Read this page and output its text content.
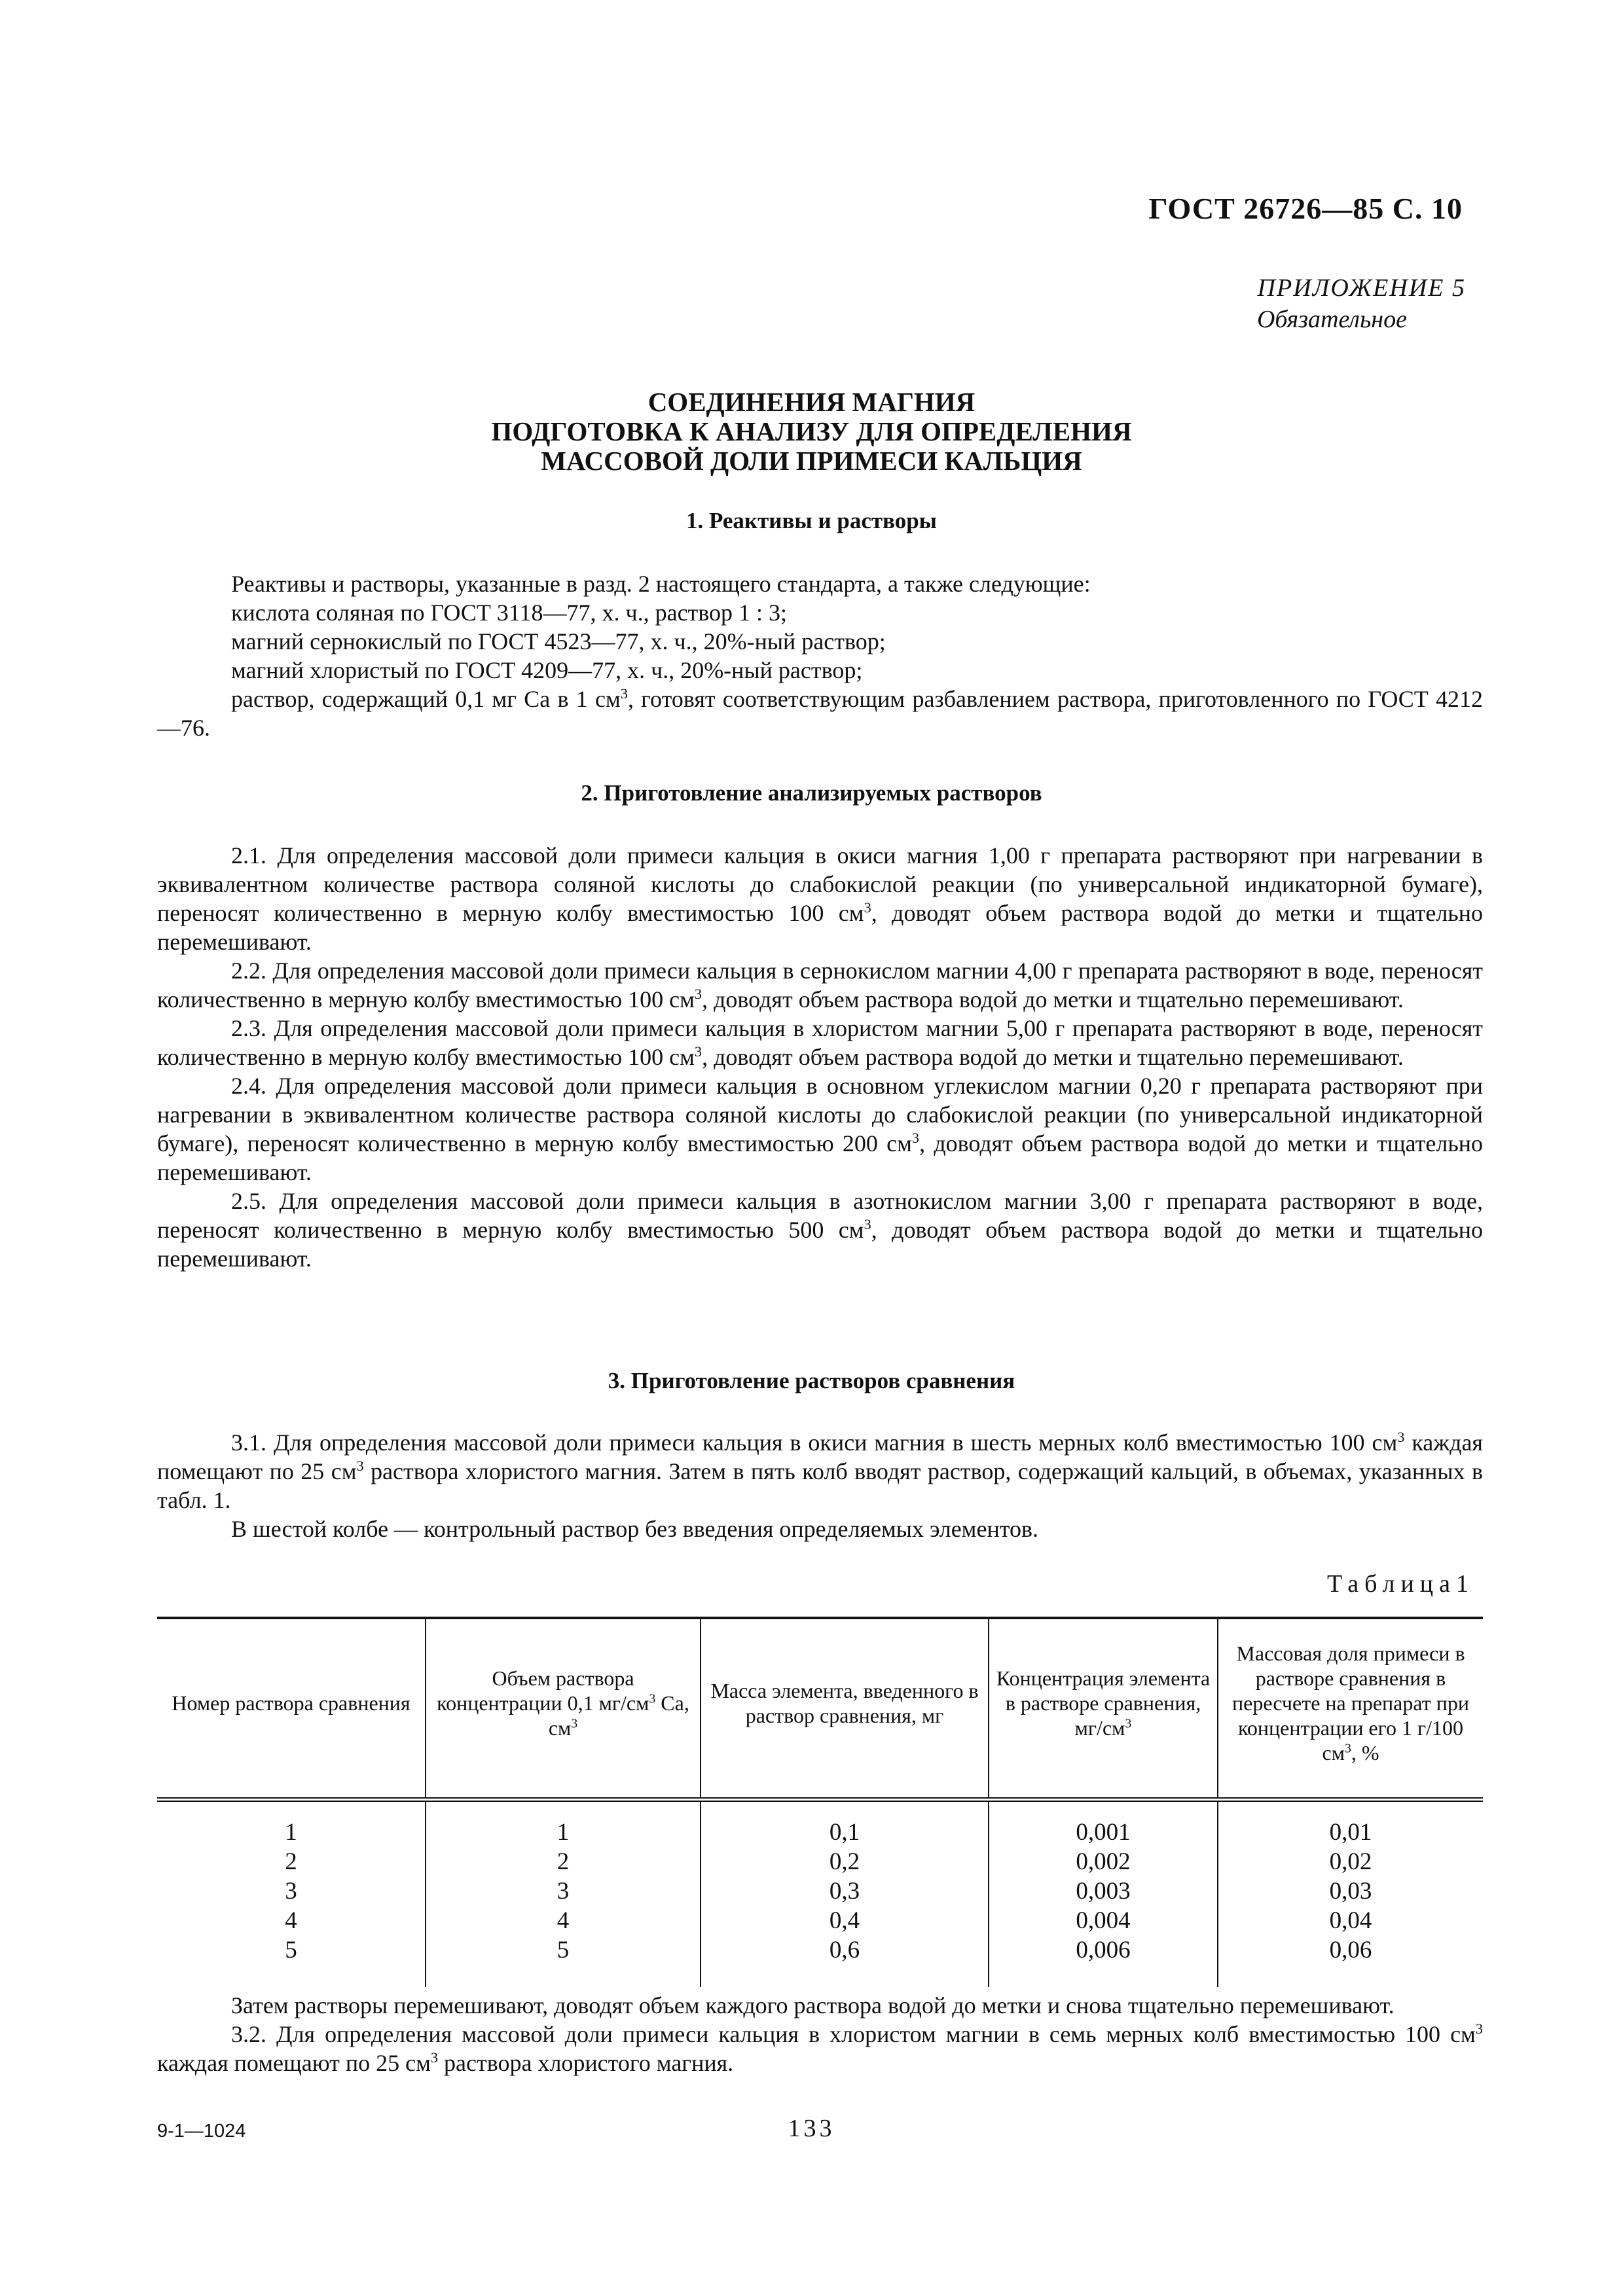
ГОСТ 26726—85 С. 10
ПРИЛОЖЕНИЕ 5
Обязательное
СОЕДИНЕНИЯ МАГНИЯ
ПОДГОТОВКА К АНАЛИЗУ ДЛЯ ОПРЕДЕЛЕНИЯ
МАССОВОЙ ДОЛИ ПРИМЕСИ КАЛЬЦИЯ
1. Реактивы и растворы

Реактивы и растворы, указанные в разд. 2 настоящего стандарта, а также следующие:

кислота соляная по ГОСТ 3118—77, х. ч., раствор 1 : 3;

магний сернокислый по ГОСТ 4523—77, х. ч., 20%-ный раствор;

магний хлористый по ГОСТ 4209—77, х. ч., 20%-ный раствор;

раствор, содержащий 0,1 мг Са в 1 $см^3$, готовят соответствующим разбавлением раствора, приготовленного по ГОСТ 4212—76.

2. Приготовление анализируемых растворов

2.1. Для определения массовой доли примеси кальция в окиси магния 1,00 г препарата растворяют при нагревании в эквивалентном количестве раствора соляной кислоты до слабокислой реакции (по универсальной индикаторной бумаге), переносят количественно в мерную колбу вместимостью 100 $см^3$, доводят объем раствора водой до метки и тщательно перемешивают.

2.2. Для определения массовой доли примеси кальция в сернокислом магнии 4,00 г препарата растворяют в воде, переносят количественно в мерную колбу вместимостью 100 $см^3$, доводят объем раствора водой до метки и тщательно перемешивают.

2.3. Для определения массовой доли примеси кальция в хлористом магнии 5,00 г препарата растворяют в воде, переносят количественно в мерную колбу вместимостью 100 $см^3$, доводят объем раствора водой до метки и тщательно перемешивают.

2.4. Для определения массовой доли примеси кальция в основном углекислом магнии 0,20 г препарата растворяют при нагревании в эквивалентном количестве раствора соляной кислоты до слабокислой реакции (по универсальной индикаторной бумаге), переносят количественно в мерную колбу вместимостью 200 $см^3$, доводят объем раствора водой до метки и тщательно перемешивают.

2.5. Для определения массовой доли примеси кальция в азотнокислом магнии 3,00 г препарата растворяют в воде, переносят количественно в мерную колбу вместимостью 500 $см^3$, доводят объем раствора водой до метки и тщательно перемешивают.

3. Приготовление растворов сравнения

3.1. Для определения массовой доли примеси кальция в окиси магния в шесть мерных колб вместимостью 100 $см^3$ каждая помещают по 25 $см^3$ раствора хлористого магния. Затем в пять колб вводят раствор, содержащий кальций, в объемах, указанных в табл. 1.

В шестой колбе — контрольный раствор без введения определяемых элементов.

Таблица1
Номер раствора сравнения	Объем раствора концентрации 0,1 $мг/см^3$ Са, $см^3$	Масса элемента, введенного в раствор сравнения, мг	Концентрация элемента в растворе сравнения, $мг/см^3$	Массовая доля примеси в растворе сравнения в пересчете на препарат при концентрации его 1 г/100 $см^3$, %
1	1	0,1	0,001	0,01
2	2	0,2	0,002	0,02
3	3	0,3	0,003	0,03
4	4	0,4	0,004	0,04
5	5	0,6	0,006	0,06

Затем растворы перемешивают, доводят объем каждого раствора водой до метки и снова тщательно перемешивают.

3.2. Для определения массовой доли примеси кальция в хлористом магнии в семь мерных колб вместимостью 100 $см^3$ каждая помещают по 25 $см^3$ раствора хлористого магния.

9-1—1024	133
